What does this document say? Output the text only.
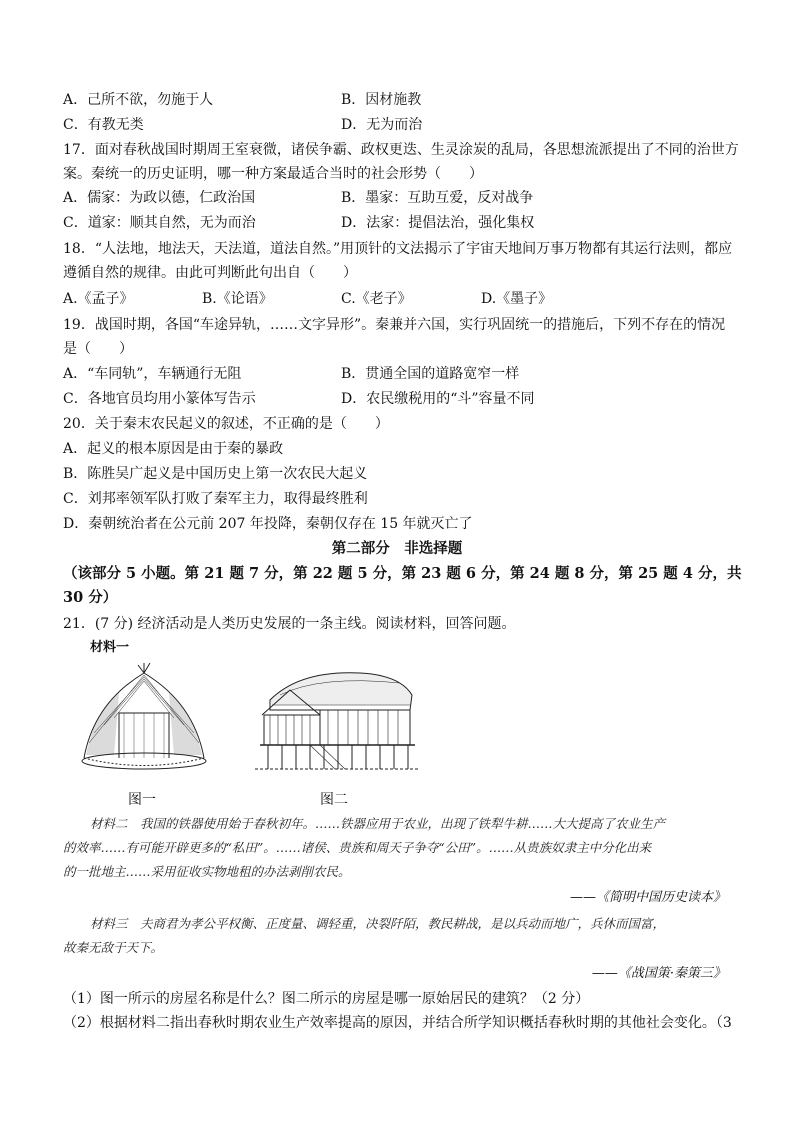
A．己所不欲，勿施于人	B．因材施教
C．有教无类	D．无为而治
17．面对春秋战国时期周王室衰微，诸侯争霸、政权更迭、生灵涂炭的乱局，各思想流派提出了不同的治世方
案。秦统一的历史证明，哪一种方案最适合当时的社会形势（　　）
A．儒家：为政以德，仁政治国	B．墨家：互助互爱，反对战争
C．道家：顺其自然，无为而治	D．法家：提倡法治，强化集权
18．“人法地，地法天，天法道，道法自然。”用顶针的文法揭示了宇宙天地间万事万物都有其运行法则，都应
遵循自然的规律。由此可判断此句出自（　　）
A.《孟子》	B.《论语》	C.《老子》	D.《墨子》
19．战国时期，各国“车途异轨，……文字异形”。秦兼并六国，实行巩固统一的措施后，下列不存在的情况
是（　　）
A．“车同轨”，车辆通行无阻	B．贯通全国的道路宽窄一样
C．各地官员均用小篆体写告示	D．农民缴税用的“斗”容量不同
20．关于秦末农民起义的叙述，不正确的是（　　）
A．起义的根本原因是由于秦的暴政
B．陈胜吴广起义是中国历史上第一次农民大起义
C．刘邦率领军队打败了秦军主力，取得最终胜利
D．秦朝统治者在公元前 207 年投降，秦朝仅存在 15 年就灭亡了
第二部分　非选择题
（该部分 5 小题。第 21 题 7 分，第 22 题 5 分，第 23 题 6 分，第 24 题 8 分，第 25 题 4 分，共
30 分）
21．(7 分) 经济活动是人类历史发展的一条主线。阅读材料，回答问题。
材料一
图一	图二
材料二　我国的铁器使用始于春秋初年。……铁器应用于农业，出现了铁犁牛耕……大大提高了农业生产
的效率……有可能开辟更多的“私田”。……诸侯、贵族和周天子争夺“公田”。……从贵族奴隶主中分化出来
的一批地主……采用征收实物地租的办法剥削农民。
——《简明中国历史读本》
材料三　夫商君为孝公平权衡、正度量、调轻重，决裂阡陌，教民耕战，是以兵动而地广，兵休而国富，
故秦无敌于天下。
——《战国策·秦策三》
（1）图一所示的房屋名称是什么？图二所示的房屋是哪一原始居民的建筑？（2 分）
（2）根据材料二指出春秋时期农业生产效率提高的原因，并结合所学知识概括春秋时期的其他社会变化。（3
